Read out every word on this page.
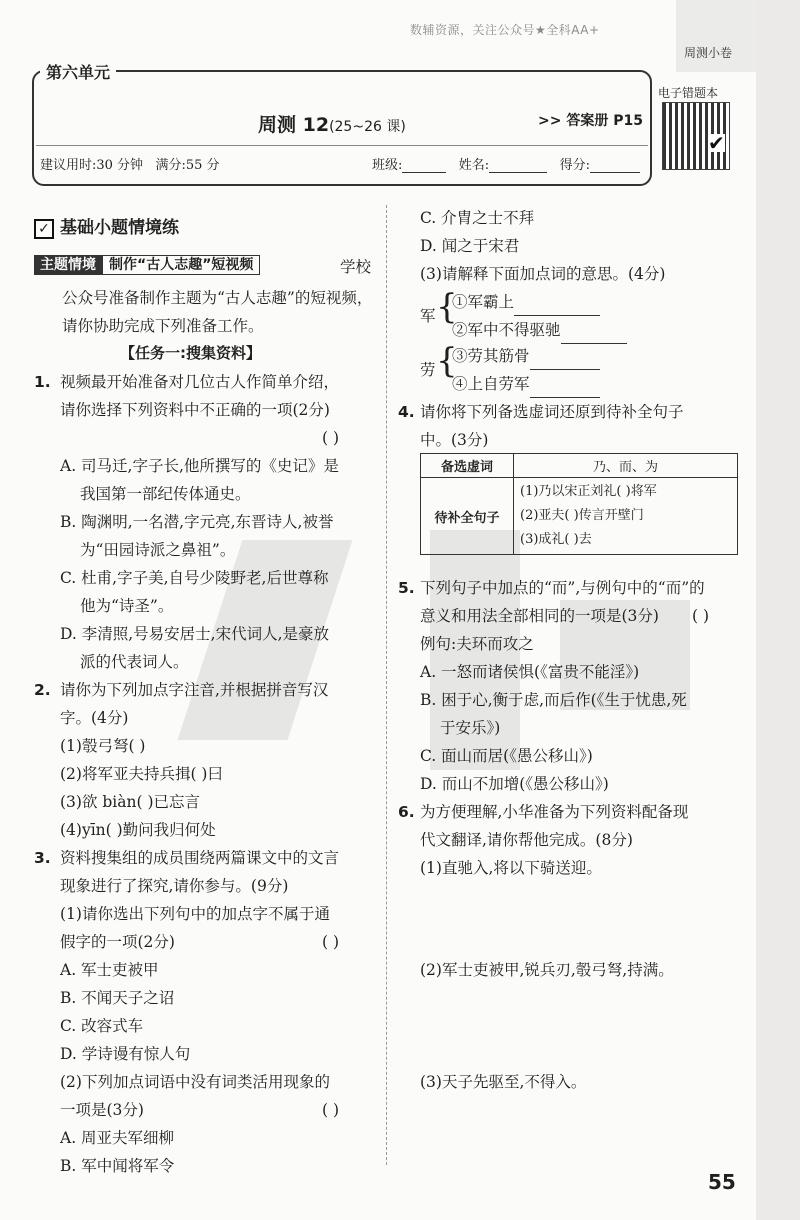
周测小卷
数辅资源，关注公众号★全科AA+
第六单元
周测 12(25~26 课)	>> 答案册 P15
建议用时:30 分钟 满分:55 分	班级:	姓名:	得分:
电子错题本
✔
✓ 基础小题情境练
主题情境 制作“古人志趣”短视频	学校
公众号准备制作主题为“古人志趣”的短视频，
请你协助完成下列准备工作。
【任务一:搜集资料】
1. 视频最开始准备对几位古人作简单介绍，
请你选择下列资料中不正确的一项(2分)
( )
A. 司马迁,字子长,他所撰写的《史记》是
我国第一部纪传体通史。
B. 陶渊明,一名潜,字元亮,东晋诗人,被誉
为“田园诗派之鼻祖”。
C. 杜甫,字子美,自号少陵野老,后世尊称
他为“诗圣”。
D. 李清照,号易安居士,宋代词人,是豪放
派的代表词人。
2. 请你为下列加点字注音,并根据拼音写汉
字。(4分)
(1)彀弓弩( )
(2)将军亚夫持兵揖( )曰
(3)欲 biàn( )已忘言
(4)yīn( )勤问我归何处
3. 资料搜集组的成员围绕两篇课文中的文言
现象进行了探究,请你参与。(9分)
(1)请你选出下列句中的加点字不属于通
假字的一项(2分)	( )
A. 军士吏被甲
B. 不闻天子之诏
C. 改容式车
D. 学诗谩有惊人句
(2)下列加点词语中没有词类活用现象的
一项是(3分)	( )
A. 周亚夫军细柳
B. 军中闻将军令
C. 介胄之士不拜
D. 闻之于宋君
(3)请解释下面加点词的意思。(4分)
军 {
①军霸上
②军中不得驱驰
劳 {
③劳其筋骨
④上自劳军
4. 请你将下列备选虚词还原到待补全句子
中。(3分)
备选虚词	乃、而、为
待补全句子	(1)乃以宋正刘礼( )将军
(2)亚夫( )传言开壁门
(3)成礼( )去
5. 下列句子中加点的“而”,与例句中的“而”的
意义和用法全部相同的一项是(3分) ( )
例句:夫环而攻之
A. 一怒而诸侯惧(《富贵不能淫》)
B. 困于心,衡于虑,而后作(《生于忧患,死
于安乐》)
C. 面山而居(《愚公移山》)
D. 而山不加增(《愚公移山》)
6. 为方便理解,小华准备为下列资料配备现
代文翻译,请你帮他完成。(8分)
(1)直驰入,将以下骑送迎。
(2)军士吏被甲,锐兵刃,彀弓弩,持满。
(3)天子先驱至,不得入。
55
